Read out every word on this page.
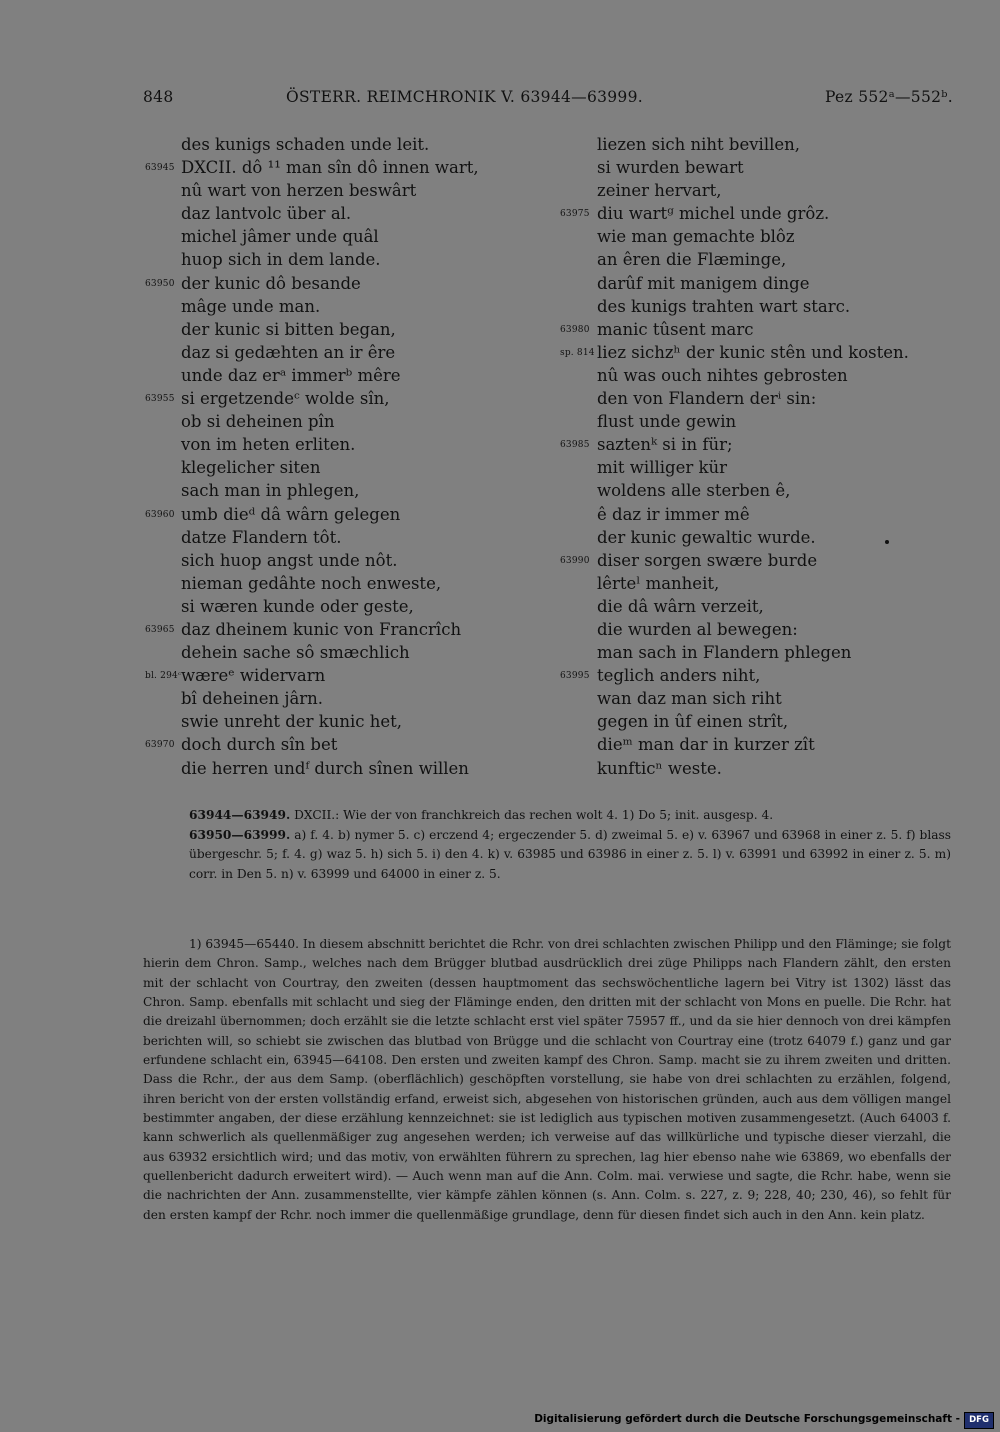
848	ÖSTERR. REIMCHRONIK V. 63944—63999.	Pez 552ᵃ—552ᵇ.
des kunigs schaden unde leit.
63945 DXCII. dô ¹¹ man sîn dô innen wart,
nû wart von herzen beswârt
daz lantvolc über al.
michel jâmer unde quâl
huop sich in dem lande.
63950 der kunic dô besande
mâge unde man.
der kunic si bitten began,
daz si gedæhten an ir êre
unde daz erᵃ immerᵇ mêre
63955 si ergetzendeᶜ wolde sîn,
ob si deheinen pîn
von im heten erliten.
klegelicher siten
sach man in phlegen,
63960 umb dieᵈ dâ wârn gelegen
datze Flandern tôt.
sich huop angst unde nôt.
nieman gedâhte noch enweste,
si wæren kunde oder geste,
63965 daz dheinem kunic von Francrîch
dehein sache sô smæchlich
bl. 294ᶜ wæreᵉ widervarn
bî deheinen jârn.
swie unreht der kunic het,
63970 doch durch sîn bet
die herren undᶠ durch sînen willen
liezen sich niht bevillen,
si wurden bewart
zeiner hervart,
63975 diu wartᵍ michel unde grôz.
wie man gemachte blôz
an êren die Flæminge,
darûf mit manigem dinge
des kunigs trahten wart starc.
63980 manic tûsent marc
sp. 814 liez sichzʰ der kunic stên und kosten.
nû was ouch nihtes gebrosten
den von Flandern derⁱ sin:
flust unde gewin
63985 saztenᵏ si in für;
mit williger kür
woldens alle sterben ê,
ê daz ir immer mê
der kunic gewaltic wurde.
63990 diser sorgen swære burde
lêrteˡ manheit,
die dâ wârn verzeit,
die wurden al bewegen:
man sach in Flandern phlegen
63995 teglich anders niht,
wan daz man sich riht
gegen in ûf einen strît,
dieᵐ man dar in kurzer zît
kunfticⁿ weste.

63944—63949. DXCII.: Wie der von franchkreich das rechen wolt 4. 1) Do 5; init. ausgesp. 4.

63950—63999. a) f. 4. b) nymer 5. c) erczend 4; ergeczender 5. d) zweimal 5. e) v. 63967 und 63968 in einer z. 5. f) blass übergeschr. 5; f. 4. g) waz 5. h) sich 5. i) den 4. k) v. 63985 und 63986 in einer z. 5. l) v. 63991 und 63992 in einer z. 5. m) corr. in Den 5. n) v. 63999 und 64000 in einer z. 5.

1) 63945—65440. In diesem abschnitt berichtet die Rchr. von drei schlachten zwischen Philipp und den Fläminge; sie folgt hierin dem Chron. Samp., welches nach dem Brügger blutbad ausdrücklich drei züge Philipps nach Flandern zählt, den ersten mit der schlacht von Courtray, den zweiten (dessen hauptmoment das sechswöchentliche lagern bei Vitry ist 1302) lässt das Chron. Samp. ebenfalls mit schlacht und sieg der Fläminge enden, den dritten mit der schlacht von Mons en puelle. Die Rchr. hat die dreizahl übernommen; doch erzählt sie die letzte schlacht erst viel später 75957 ff., und da sie hier dennoch von drei kämpfen berichten will, so schiebt sie zwischen das blutbad von Brügge und die schlacht von Courtray eine (trotz 64079 f.) ganz und gar erfundene schlacht ein, 63945—64108. Den ersten und zweiten kampf des Chron. Samp. macht sie zu ihrem zweiten und dritten. Dass die Rchr., der aus dem Samp. (oberflächlich) geschöpften vorstellung, sie habe von drei schlachten zu erzählen, folgend, ihren bericht von der ersten vollständig erfand, erweist sich, abgesehen von historischen gründen, auch aus dem völligen mangel bestimmter angaben, der diese erzählung kennzeichnet: sie ist lediglich aus typischen motiven zusammengesetzt. (Auch 64003 f. kann schwerlich als quellenmäßiger zug angesehen werden; ich verweise auf das willkürliche und typische dieser vierzahl, die aus 63932 ersichtlich wird; und das motiv, von erwählten führern zu sprechen, lag hier ebenso nahe wie 63869, wo ebenfalls der quellenbericht dadurch erweitert wird). — Auch wenn man auf die Ann. Colm. mai. verwiese und sagte, die Rchr. habe, wenn sie die nachrichten der Ann. zusammenstellte, vier kämpfe zählen können (s. Ann. Colm. s. 227, z. 9; 228, 40; 230, 46), so fehlt für den ersten kampf der Rchr. noch immer die quellenmäßige grundlage, denn für diesen findet sich auch in den Ann. kein platz.

Digitalisierung gefördert durch die Deutsche Forschungsgemeinschaft -	DFG
